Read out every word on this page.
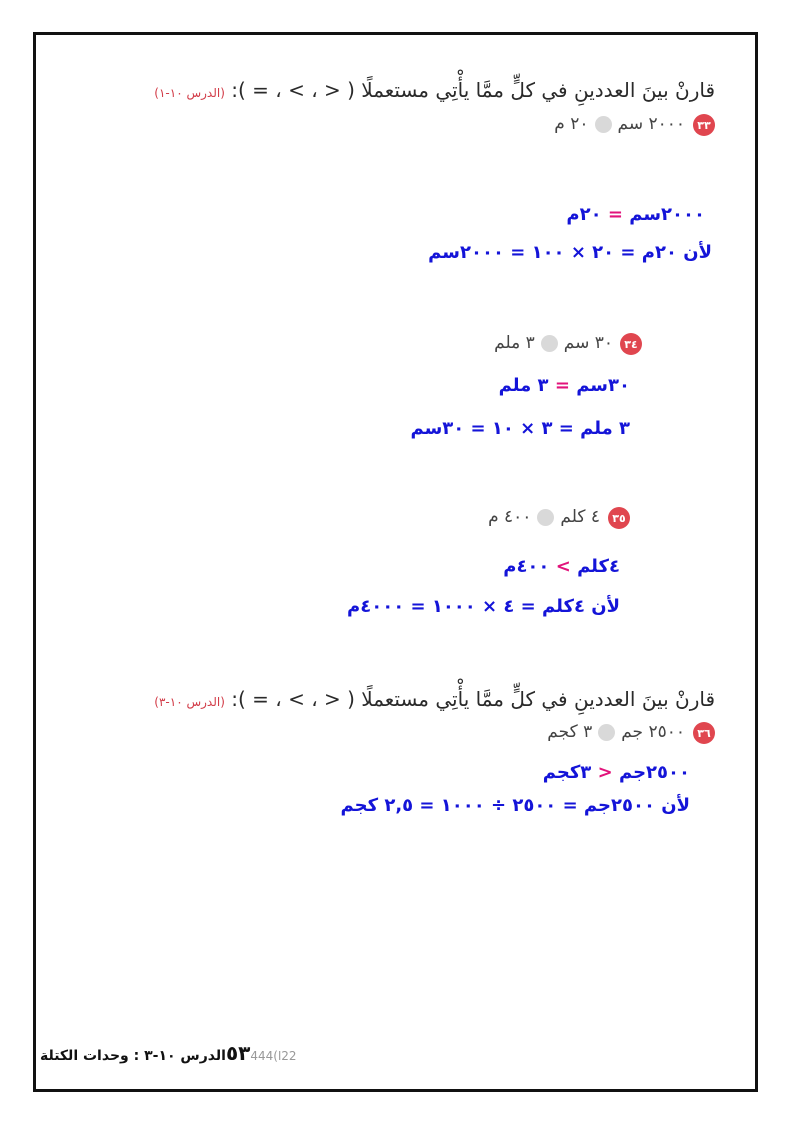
قارنْ بينَ العددينِ في كلٍّ ممَّا يأْتِي مستعملًا ( < ، > ، = ): (الدرس ١٠-١)
٣٣
٢٠٠٠ سم
٢٠ م
٢٠٠٠سم = ٢٠م
لأن ٢٠م = ٢٠ × ١٠٠ = ٢٠٠٠سم
٣٤
٣٠ سم
٣ ملم
٣٠سم = ٣ ملم
٣ ملم = ٣ × ١٠ = ٣٠سم
٣٥
٤ كلم
٤٠٠ م
٤كلم > ٤٠٠م
لأن ٤كلم = ٤ × ١٠٠٠ = ٤٠٠٠م
قارنْ بينَ العددينِ في كلٍّ ممَّا يأْتِي مستعملًا ( < ، > ، = ): (الدرس ١٠-٣)
٣٦
٢٥٠٠ جم
٣ كجم
٢٥٠٠جم < ٣كجم
لأن ٢٥٠٠جم = ٢٥٠٠ ÷ ١٠٠٠ = ٢,٥ كجم
22ا)٥٣444الدرس ١٠-٣ : وحدات الكتلة
